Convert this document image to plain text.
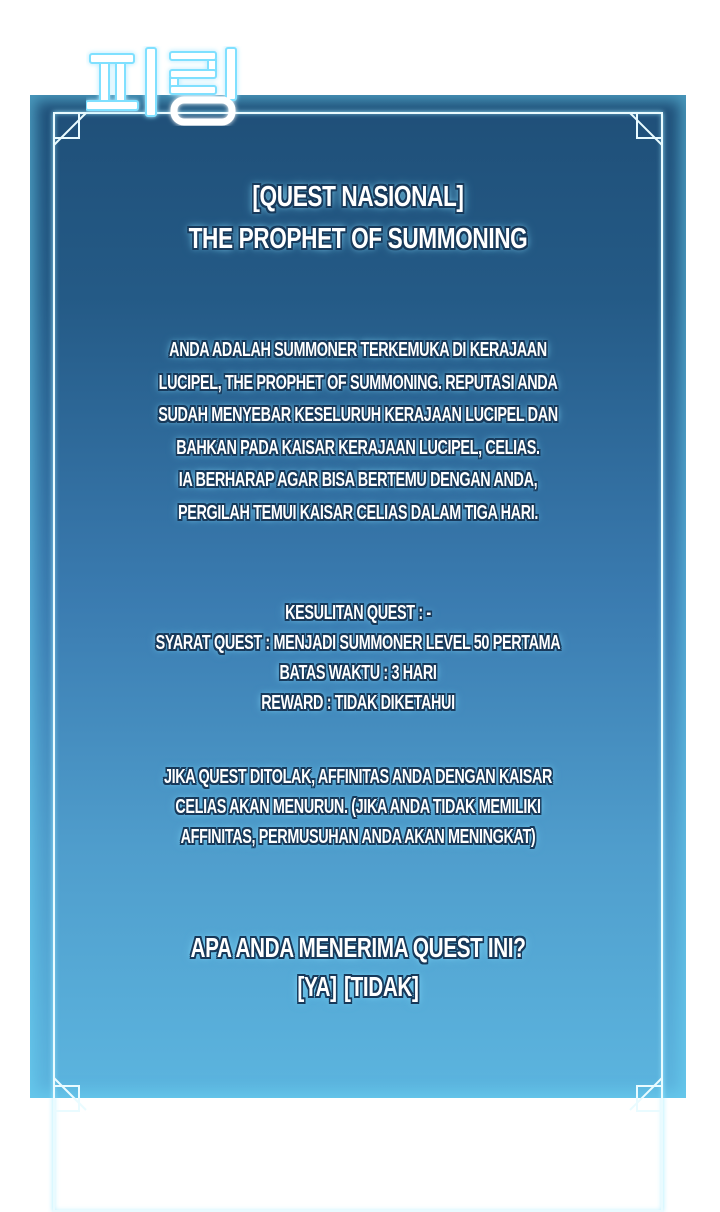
[QUEST NASIONAL]
THE PROPHET OF SUMMONING
ANDA ADALAH SUMMONER TERKEMUKA DI KERAJAAN
LUCIPEL, THE PROPHET OF SUMMONING. REPUTASI ANDA
SUDAH MENYEBAR KESELURUH KERAJAAN LUCIPEL DAN
BAHKAN PADA KAISAR KERAJAAN LUCIPEL, CELIAS.
IA BERHARAP AGAR BISA BERTEMU DENGAN ANDA,
PERGILAH TEMUI KAISAR CELIAS DALAM TIGA HARI.
KESULITAN QUEST : -
SYARAT QUEST : MENJADI SUMMONER LEVEL 50 PERTAMA
BATAS WAKTU : 3 HARI
REWARD : TIDAK DIKETAHUI
JIKA QUEST DITOLAK, AFFINITAS ANDA DENGAN KAISAR
CELIAS AKAN MENURUN. (JIKA ANDA TIDAK MEMILIKI
AFFINITAS, PERMUSUHAN ANDA AKAN MENINGKAT)
APA ANDA MENERIMA QUEST INI?
[YA] [TIDAK]
